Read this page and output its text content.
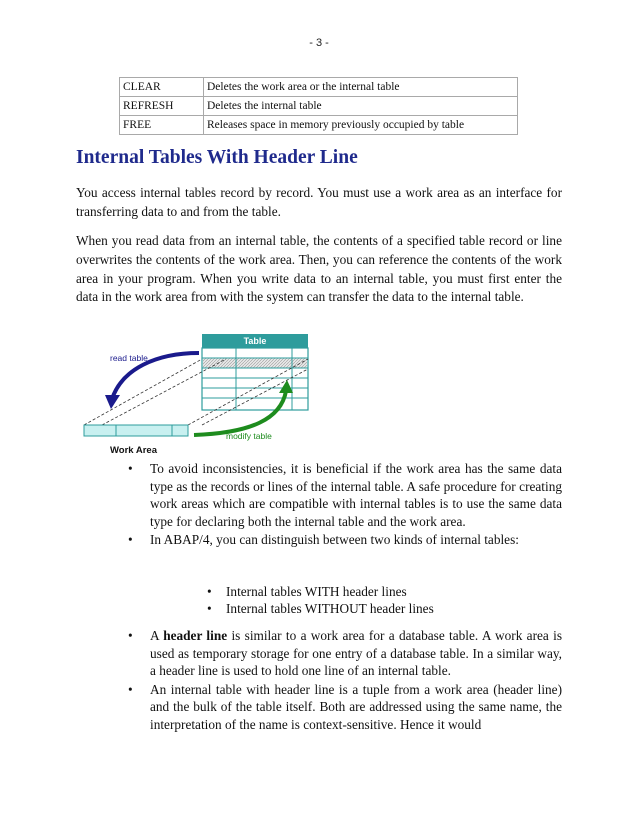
- 3 -
CLEAR	Deletes the work area or the internal table
REFRESH	Deletes the internal table
FREE	Releases space in memory previously occupied by table
Internal Tables With Header Line

You access internal tables record by record. You must use a work area as an interface for transferring data to and from the table.

When you read data from an internal table, the contents of a specified table record or line overwrites the contents of the work area. Then, you can reference the contents of the work area in your program. When you write data to an internal table, you must first enter the data in the work area from with the system can transfer the data to the internal table.

Table
read table
modify table
Work Area
• To avoid inconsistencies, it is beneficial if the work area has the same data type as the records or lines of the internal table. A safe procedure for creating work areas which are compatible with internal tables is to use the same data type for declaring both the internal table and the work area.
• In ABAP/4, you can distinguish between two kinds of internal tables:
• Internal tables WITH header lines
• Internal tables WITHOUT header lines
• A header line is similar to a work area for a database table. A work area is used as temporary storage for one entry of a database table. In a similar way, a header line is used to hold one line of an internal table.
• An internal table with header line is a tuple from a work area (header line) and the bulk of the table itself. Both are addressed using the same name, the interpretation of the name is context-sensitive. Hence it would
